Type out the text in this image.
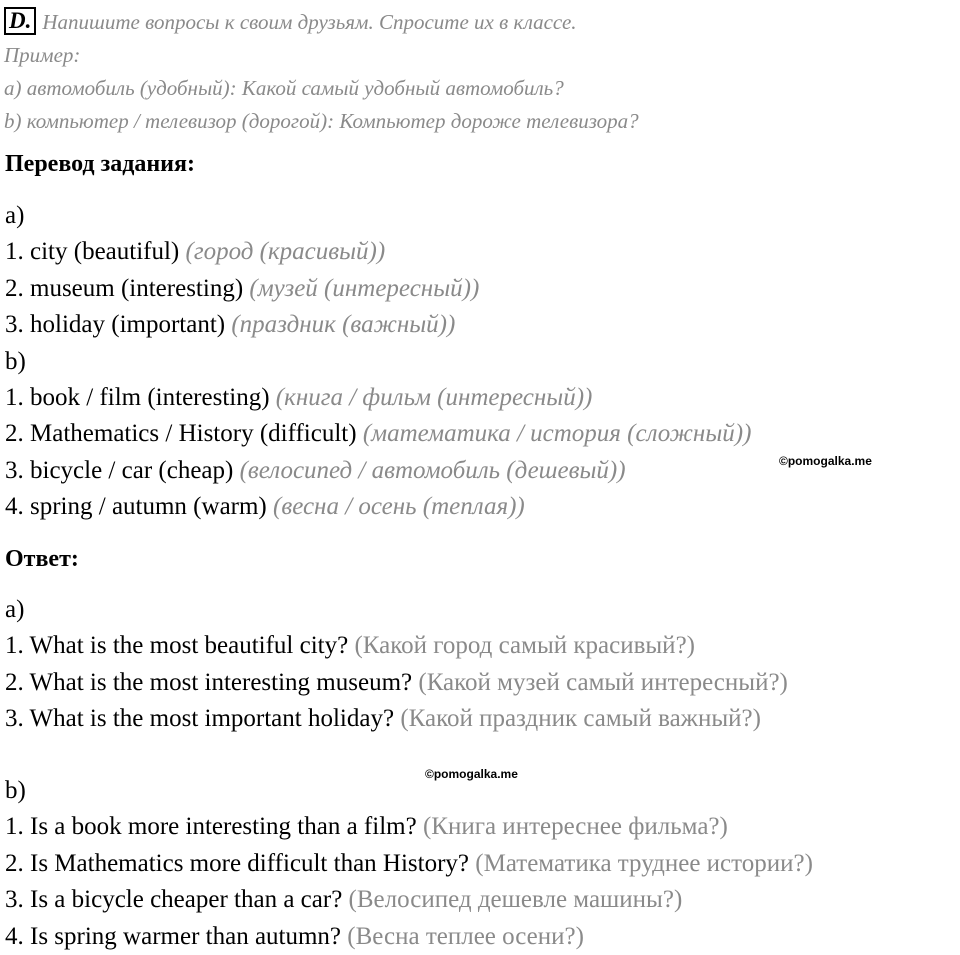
D. Напишите вопросы к своим друзьям. Спросите их в классе.
Пример:
а) автомобиль (удобный): Какой самый удобный автомобиль?
b) компьютер / телевизор (дорогой): Компьютер дороже телевизора?
Перевод задания:
a)
1. city (beautiful) (город (красивый))
2. museum (interesting) (музей (интересный))
3. holiday (important) (праздник (важный))
b)
1. book / film (interesting) (книга / фильм (интересный))
2. Mathematics / History (difficult) (математика / история (сложный))
3. bicycle / car (cheap) (велосипед / автомобиль (дешевый))
4. spring / autumn (warm) (весна / осень (теплая))
©pomogalka.me
Ответ:
a)
1. What is the most beautiful city? (Какой город самый красивый?)
2. What is the most interesting museum? (Какой музей самый интересный?)
3. What is the most important holiday? (Какой праздник самый важный?)
©pomogalka.me
b)
1. Is a book more interesting than a film? (Книга интереснее фильма?)
2. Is Mathematics more difficult than History? (Математика труднее истории?)
3. Is a bicycle cheaper than a car? (Велосипед дешевле машины?)
4. Is spring warmer than autumn? (Весна теплее осени?)
